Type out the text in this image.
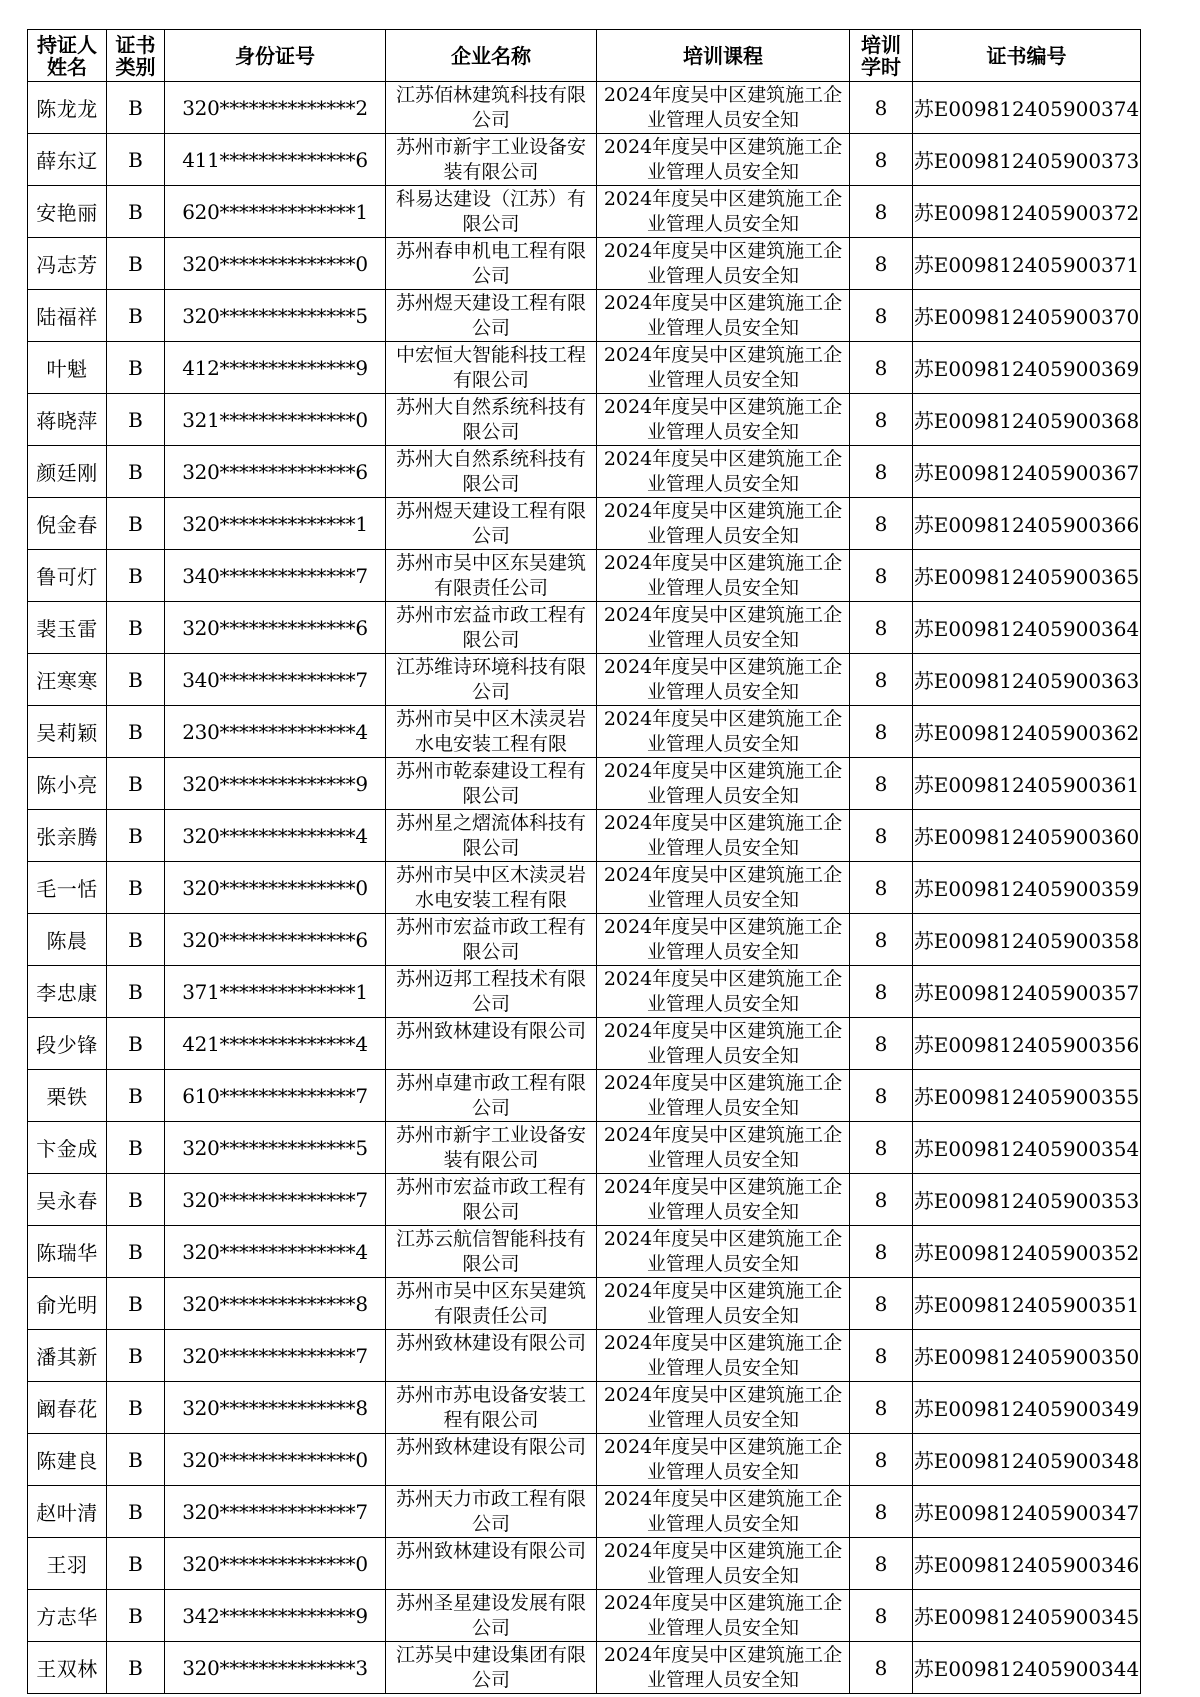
持证人姓名	证书类别	身份证号	企业名称	培训课程	培训学时	证书编号
陈龙龙	B	320**************2	江苏佰林建筑科技有限公司	2024年度吴中区建筑施工企业管理人员安全知	8	苏E009812405900374
薛东辽	B	411**************6	苏州市新宇工业设备安装有限公司	2024年度吴中区建筑施工企业管理人员安全知	8	苏E009812405900373
安艳丽	B	620**************1	科易达建设（江苏）有限公司	2024年度吴中区建筑施工企业管理人员安全知	8	苏E009812405900372
冯志芳	B	320**************0	苏州春申机电工程有限公司	2024年度吴中区建筑施工企业管理人员安全知	8	苏E009812405900371
陆福祥	B	320**************5	苏州煜天建设工程有限公司	2024年度吴中区建筑施工企业管理人员安全知	8	苏E009812405900370
叶魁	B	412**************9	中宏恒大智能科技工程有限公司	2024年度吴中区建筑施工企业管理人员安全知	8	苏E009812405900369
蒋晓萍	B	321**************0	苏州大自然系统科技有限公司	2024年度吴中区建筑施工企业管理人员安全知	8	苏E009812405900368
颜廷刚	B	320**************6	苏州大自然系统科技有限公司	2024年度吴中区建筑施工企业管理人员安全知	8	苏E009812405900367
倪金春	B	320**************1	苏州煜天建设工程有限公司	2024年度吴中区建筑施工企业管理人员安全知	8	苏E009812405900366
鲁可灯	B	340**************7	苏州市吴中区东吴建筑有限责任公司	2024年度吴中区建筑施工企业管理人员安全知	8	苏E009812405900365
裴玉雷	B	320**************6	苏州市宏益市政工程有限公司	2024年度吴中区建筑施工企业管理人员安全知	8	苏E009812405900364
汪寒寒	B	340**************7	江苏维诗环境科技有限公司	2024年度吴中区建筑施工企业管理人员安全知	8	苏E009812405900363
吴莉颖	B	230**************4	苏州市吴中区木渎灵岩水电安装工程有限	2024年度吴中区建筑施工企业管理人员安全知	8	苏E009812405900362
陈小亮	B	320**************9	苏州市乾泰建设工程有限公司	2024年度吴中区建筑施工企业管理人员安全知	8	苏E009812405900361
张亲腾	B	320**************4	苏州星之熠流体科技有限公司	2024年度吴中区建筑施工企业管理人员安全知	8	苏E009812405900360
毛一恬	B	320**************0	苏州市吴中区木渎灵岩水电安装工程有限	2024年度吴中区建筑施工企业管理人员安全知	8	苏E009812405900359
陈晨	B	320**************6	苏州市宏益市政工程有限公司	2024年度吴中区建筑施工企业管理人员安全知	8	苏E009812405900358
李忠康	B	371**************1	苏州迈邦工程技术有限公司	2024年度吴中区建筑施工企业管理人员安全知	8	苏E009812405900357
段少锋	B	421**************4	苏州致林建设有限公司	2024年度吴中区建筑施工企业管理人员安全知	8	苏E009812405900356
栗铁	B	610**************7	苏州卓建市政工程有限公司	2024年度吴中区建筑施工企业管理人员安全知	8	苏E009812405900355
卞金成	B	320**************5	苏州市新宇工业设备安装有限公司	2024年度吴中区建筑施工企业管理人员安全知	8	苏E009812405900354
吴永春	B	320**************7	苏州市宏益市政工程有限公司	2024年度吴中区建筑施工企业管理人员安全知	8	苏E009812405900353
陈瑞华	B	320**************4	江苏云航信智能科技有限公司	2024年度吴中区建筑施工企业管理人员安全知	8	苏E009812405900352
俞光明	B	320**************8	苏州市吴中区东吴建筑有限责任公司	2024年度吴中区建筑施工企业管理人员安全知	8	苏E009812405900351
潘其新	B	320**************7	苏州致林建设有限公司	2024年度吴中区建筑施工企业管理人员安全知	8	苏E009812405900350
阚春花	B	320**************8	苏州市苏电设备安装工程有限公司	2024年度吴中区建筑施工企业管理人员安全知	8	苏E009812405900349
陈建良	B	320**************0	苏州致林建设有限公司	2024年度吴中区建筑施工企业管理人员安全知	8	苏E009812405900348
赵叶清	B	320**************7	苏州天力市政工程有限公司	2024年度吴中区建筑施工企业管理人员安全知	8	苏E009812405900347
王羽	B	320**************0	苏州致林建设有限公司	2024年度吴中区建筑施工企业管理人员安全知	8	苏E009812405900346
方志华	B	342**************9	苏州圣星建设发展有限公司	2024年度吴中区建筑施工企业管理人员安全知	8	苏E009812405900345
王双林	B	320**************3	江苏吴中建设集团有限公司	2024年度吴中区建筑施工企业管理人员安全知	8	苏E009812405900344
